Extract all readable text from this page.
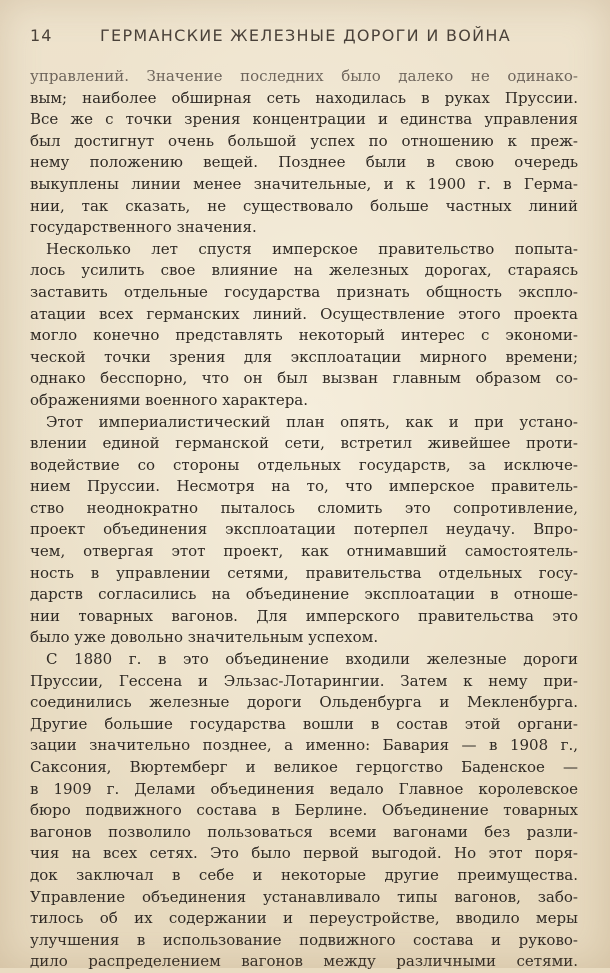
14	ГЕРМАНСКИЕ ЖЕЛЕЗНЫЕ ДОРОГИ И ВОЙНА
управлений. Значение последних было далеко не одинако-
вым; наиболее обширная сеть находилась в руках Пруссии.
Все же с точки зрения концентрации и единства управления
был достигнут очень большой успех по отношению к преж-
нему положению вещей. Позднее были в свою очередь
выкуплены линии менее значительные, и к 1900 г. в Герма-
нии, так сказать, не существовало больше частных линий
государственного значения.
Несколько лет спустя имперское правительство попыта-
лось усилить свое влияние на железных дорогах, стараясь
заставить отдельные государства признать общность экспло-
атации всех германских линий. Осуществление этого проекта
могло конечно представлять некоторый интерес с экономи-
ческой точки зрения для эксплоатации мирного времени;
однако бесспорно, что он был вызван главным образом со-
ображениями военного характера.
Этот империалистический план опять, как и при устано-
влении единой германской сети, встретил живейшее проти-
водействие со стороны отдельных государств, за исключе-
нием Пруссии. Несмотря на то, что имперское правитель-
ство неоднократно пыталось сломить это сопротивление,
проект объединения эксплоатации потерпел неудачу. Впро-
чем, отвергая этот проект, как отнимавший самостоятель-
ность в управлении сетями, правительства отдельных госу-
дарств согласились на объединение эксплоатации в отноше-
нии товарных вагонов. Для имперского правительства это
было уже довольно значительным успехом.
С 1880 г. в это объединение входили железные дороги
Пруссии, Гессена и Эльзас-Лотарингии. Затем к нему при-
соединились железные дороги Ольденбурга и Мекленбурга.
Другие большие государства вошли в состав этой органи-
зации значительно позднее, а именно: Бавария — в 1908 г.,
Саксония, Вюртемберг и великое герцогство Баденское —
в 1909 г. Делами объединения ведало Главное королевское
бюро подвижного состава в Берлине. Объединение товарных
вагонов позволило пользоваться всеми вагонами без разли-
чия на всех сетях. Это было первой выгодой. Но этот поря-
док заключал в себе и некоторые другие преимущества.
Управление объединения устанавливало типы вагонов, забо-
тилось об их содержании и переустройстве, вводило меры
улучшения в использование подвижного состава и руково-
дило распределением вагонов между различными сетями.
